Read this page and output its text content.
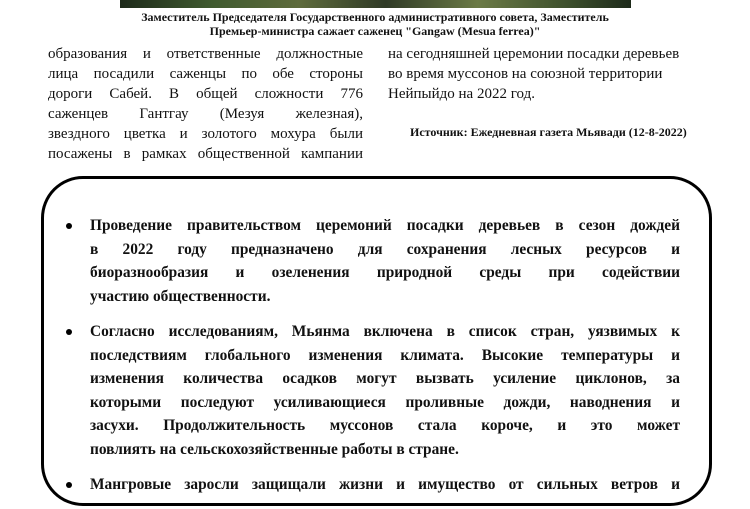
Заместитель Председателя Государственного административного совета, Заместитель
Премьер-министра сажает саженец "Gangaw (Mesua ferrea)"
образования и ответственные должностные
лица посадили саженцы по обе стороны
дороги Сабей. В общей сложности 776
саженцев Гантгау (Мезуя железная),
звездного цветка и золотого мохура были
посажены в рамках общественной кампании
на сегодняшней церемонии посадки деревьев
во время муссонов на союзной территории
Нейпыйдо на 2022 год.
Источник: Ежедневная газета Мьявади (12-8-2022)
Проведение правительством церемоний посадки деревьев в сезон дождей
в 2022 году предназначено для сохранения лесных ресурсов и
биоразнообразия и озеленения природной среды при содействии
участию общественности.
Согласно исследованиям, Мьянма включена в список стран, уязвимых к
последствиям глобального изменения климата. Высокие температуры и
изменения количества осадков могут вызвать усиление циклонов, за
которыми последуют усиливающиеся проливные дожди, наводнения и
засухи. Продолжительность муссонов стала короче, и это может
повлиять на сельскохозяйственные работы в стране.
Мангровые заросли защищали жизни и имущество от сильных ветров и
